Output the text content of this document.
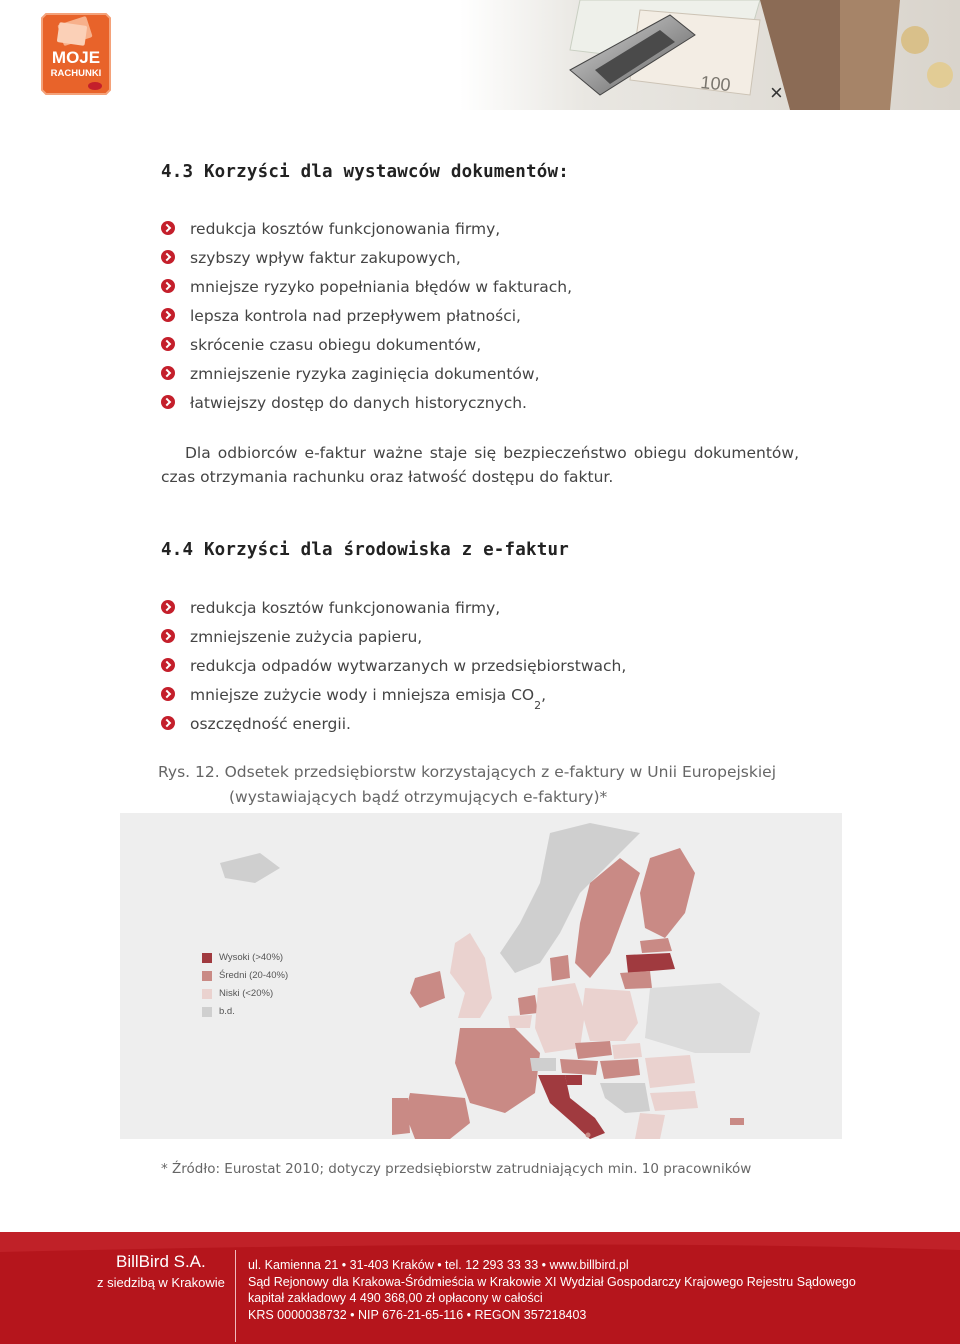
MOJE
RACHUNKI	100 ×
4.3 Korzyści dla wystawców dokumentów:
redukcja kosztów funkcjonowania firmy,
szybszy wpływ faktur zakupowych,
mniejsze ryzyko popełniania błędów w fakturach,
lepsza kontrola nad przepływem płatności,
skrócenie czasu obiegu dokumentów,
zmniejszenie ryzyka zaginięcia dokumentów,
łatwiejszy dostęp do danych historycznych.
Dla odbiorców e-faktur ważne staje się bezpieczeństwo obiegu dokumentów, czas otrzymania rachunku oraz łatwość dostępu do faktur.
4.4 Korzyści dla środowiska z e-faktur
redukcja kosztów funkcjonowania firmy,
zmniejszenie zużycia papieru,
redukcja odpadów wytwarzanych w przedsiębiorstwach,
mniejsze zużycie wody i mniejsza emisja $CO_2$,
oszczędność energii.
Rys. 12. Odsetek przedsiębiorstw korzystających z e-faktury w Unii Europejskiej
(wystawiających bądź otrzymujących e-faktury)*
Wysoki (>40%)
Średni (20-40%)
Niski (<20%)
b.d.
* Źródło: Eurostat 2010; dotyczy przedsiębiorstw zatrudniających min. 10 pracowników
BillBird S.A.
z siedzibą w Krakowie
ul. Kamienna 21 • 31-403 Kraków • tel. 12 293 33 33 • www.billbird.pl
Sąd Rejonowy dla Krakowa-Śródmieścia w Krakowie XI Wydział Gospodarczy Krajowego Rejestru Sądowego
kapitał zakładowy 4 490 368,00 zł opłacony w całości
KRS 0000038732 • NIP 676-21-65-116 • REGON 357218403
